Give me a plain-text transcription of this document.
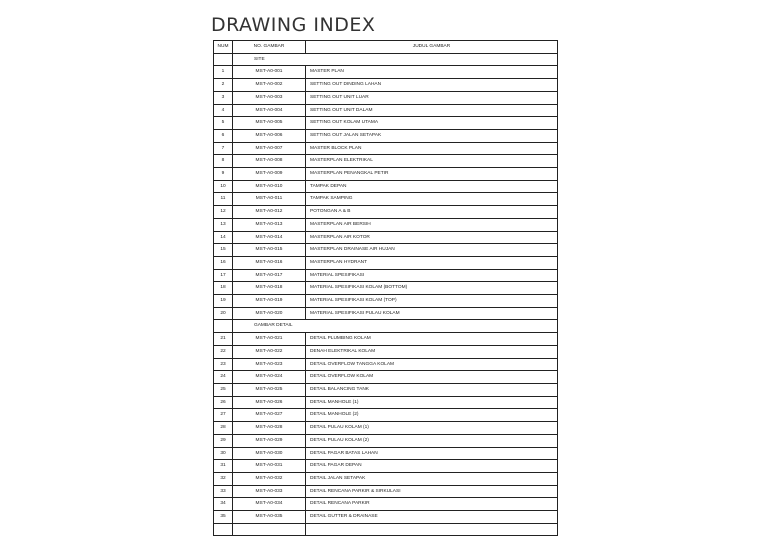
DRAWING INDEX
NUM	NO. GAMBAR	JUDUL GAMBAR
	SITE	
1	MST-A0-001	MASTER PLAN
2	MST-A0-002	SETTING OUT DINDING LAHAN
3	MST-A0-003	SETTING OUT UNIT LUAR
4	MST-A0-004	SETTING OUT UNIT DALAM
5	MST-A0-005	SETTING OUT KOLAM UTAMA
6	MST-A0-006	SETTING OUT JALAN SETAPAK
7	MST-A0-007	MASTER BLOCK PLAN
8	MST-A0-008	MASTERPLAN ELEKTRIKAL
9	MST-A0-009	MASTERPLAN PENANGKAL PETIR
10	MST-A0-010	TAMPAK DEPAN
11	MST-A0-011	TAMPAK SAMPING
12	MST-A0-012	POTONGAN A & B
13	MST-A0-013	MASTERPLAN AIR BERSIH
14	MST-A0-014	MASTERPLAN AIR KOTOR
15	MST-A0-015	MASTERPLAN DRAINASE AIR HUJAN
16	MST-A0-016	MASTERPLAN HYDRANT
17	MST-A0-017	MATERIAL SPESIFIKASI
18	MST-A0-018	MATERIAL SPESIFIKASI KOLAM (BOTTOM)
19	MST-A0-019	MATERIAL SPESIFIKASI KOLAM (TOP)
20	MST-A0-020	MATERIAL SPESIFIKASI PULAU KOLAM
	GAMBAR DETAIL	
21	MST-A0-021	DETAIL PLUMBING KOLAM
22	MST-A0-022	DENAH ELEKTRIKAL KOLAM
23	MST-A0-023	DETAIL OVERFLOW TANGGA KOLAM
24	MST-A0-024	DETAIL OVERFLOW KOLAM
25	MST-A0-025	DETAIL BALANCING TANK
26	MST-A0-026	DETAIL MANHOLE (1)
27	MST-A0-027	DETAIL MANHOLE (2)
28	MST-A0-028	DETAIL PULAU KOLAM (1)
29	MST-A0-029	DETAIL PULAU KOLAM (2)
30	MST-A0-030	DETAIL PAGAR BATAS LAHAN
31	MST-A0-031	DETAIL PAGAR DEPAN
32	MST-A0-032	DETAIL JALAN SETAPAK
33	MST-A0-033	DETAIL RENCANA PARKIR & SIRKULASI
34	MST-A0-034	DETAIL RENCANA PARKIR
35	MST-A0-035	DETAIL GUTTER & DRAINASE
